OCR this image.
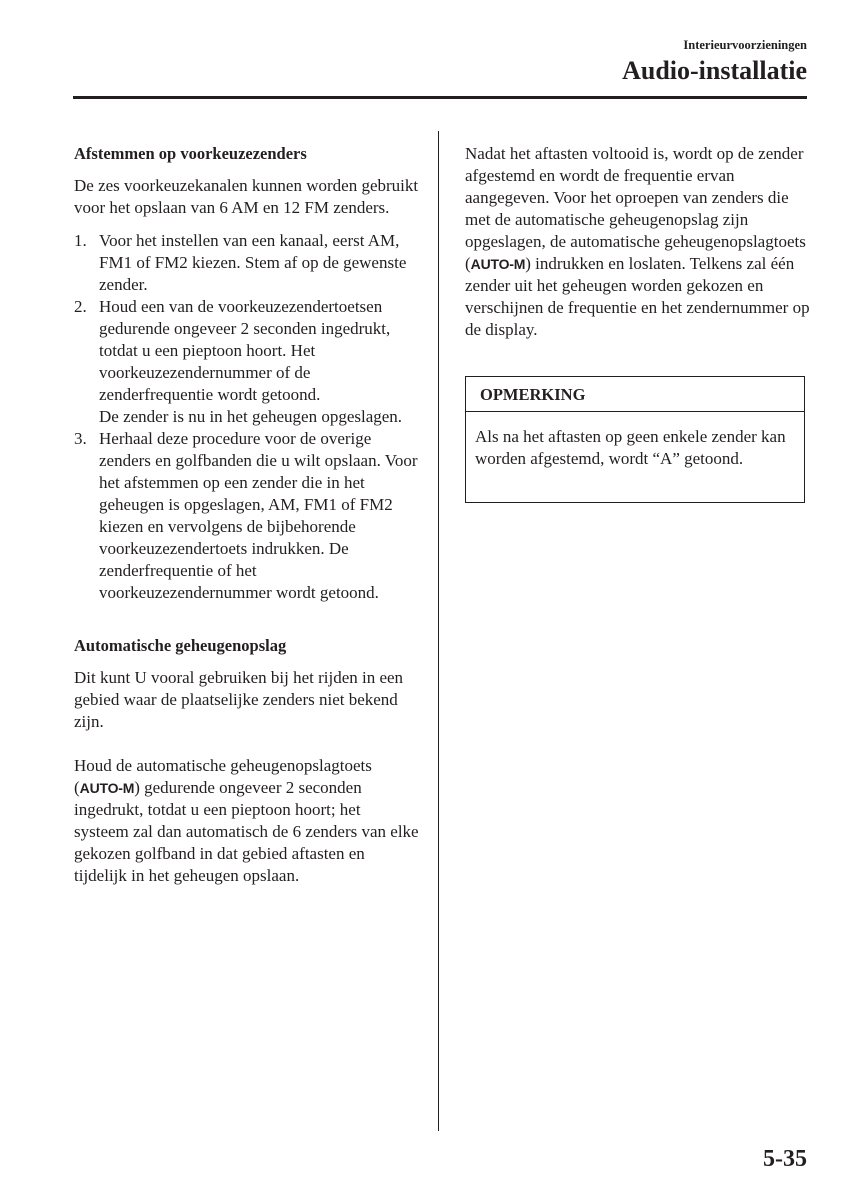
Interieurvoorzieningen
Audio-installatie
Afstemmen op voorkeuzezenders

De zes voorkeuzekanalen kunnen worden gebruikt voor het opslaan van 6 AM en 12 FM zenders.

1. Voor het instellen van een kanaal, eerst AM, FM1 of FM2 kiezen. Stem af op de gewenste zender.
2. Houd een van de voorkeuzezendertoetsen gedurende ongeveer 2 seconden ingedrukt, totdat u een pieptoon hoort. Het voorkeuzezendernummer of de zenderfrequentie wordt getoond.
De zender is nu in het geheugen opgeslagen.
3. Herhaal deze procedure voor de overige zenders en golfbanden die u wilt opslaan. Voor het afstemmen op een zender die in het geheugen is opgeslagen, AM, FM1 of FM2 kiezen en vervolgens de bijbehorende voorkeuzezendertoets indrukken. De zenderfrequentie of het voorkeuzezendernummer wordt getoond.
Automatische geheugenopslag

Dit kunt U vooral gebruiken bij het rijden in een gebied waar de plaatselijke zenders niet bekend zijn.

Houd de automatische geheugenopslagtoets (AUTO-M) gedurende ongeveer 2 seconden ingedrukt, totdat u een pieptoon hoort; het systeem zal dan automatisch de 6 zenders van elke gekozen golfband in dat gebied aftasten en tijdelijk in het geheugen opslaan.

Nadat het aftasten voltooid is, wordt op de zender afgestemd en wordt de frequentie ervan aangegeven. Voor het oproepen van zenders die met de automatische geheugenopslag zijn opgeslagen, de automatische geheugenopslagtoets (AUTO-M) indrukken en loslaten. Telkens zal één zender uit het geheugen worden gekozen en verschijnen de frequentie en het zendernummer op de display.

OPMERKING
Als na het aftasten op geen enkele zender kan worden afgestemd, wordt “A” getoond.
5-35
